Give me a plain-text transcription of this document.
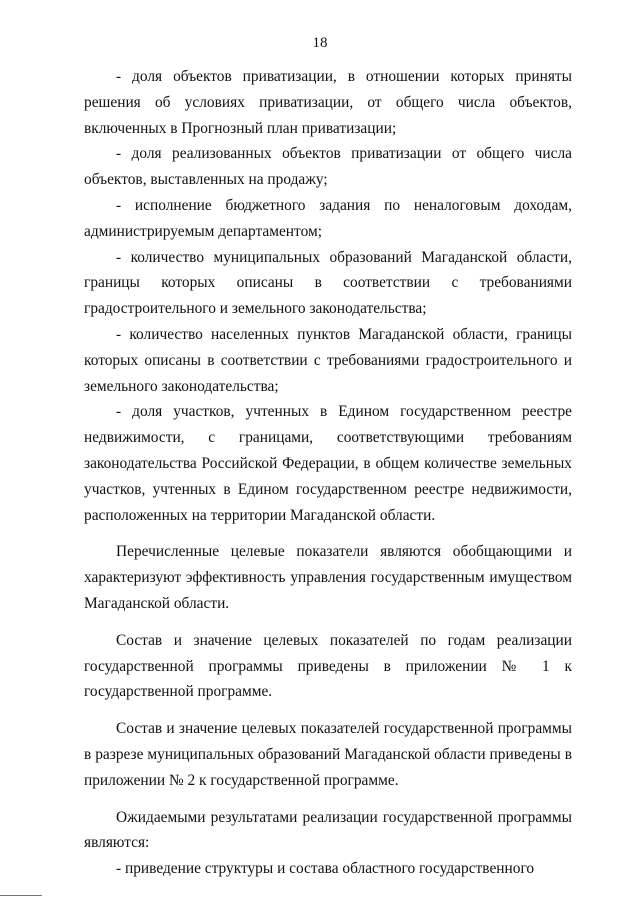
18

- доля объектов приватизации, в отношении которых приняты решения об условиях приватизации, от общего числа объектов, включенных в Прогнозный план приватизации;

- доля реализованных объектов приватизации от общего числа объектов, выставленных на продажу;

- исполнение бюджетного задания по неналоговым доходам, администрируемым департаментом;

- количество муниципальных образований Магаданской области, границы которых описаны в соответствии с требованиями градостроительного и земельного законодательства;

- количество населенных пунктов Магаданской области, границы которых описаны в соответствии с требованиями градостроительного и земельного законодательства;

- доля участков, учтенных в Едином государственном реестре недвижимости, с границами, соответствующими требованиям законодательства Российской Федерации, в общем количестве земельных участков, учтенных в Едином государственном реестре недвижимости, расположенных на территории Магаданской области.

Перечисленные целевые показатели являются обобщающими и характеризуют эффективность управления государственным имуществом Магаданской области.

Состав и значение целевых показателей по годам реализации государственной программы приведены в приложении № 1 к государственной программе.

Состав и значение целевых показателей государственной программы в разрезе муниципальных образований Магаданской области приведены в приложении № 2 к государственной программе.

Ожидаемыми результатами реализации государственной программы являются:

- приведение структуры и состава областного государственного
